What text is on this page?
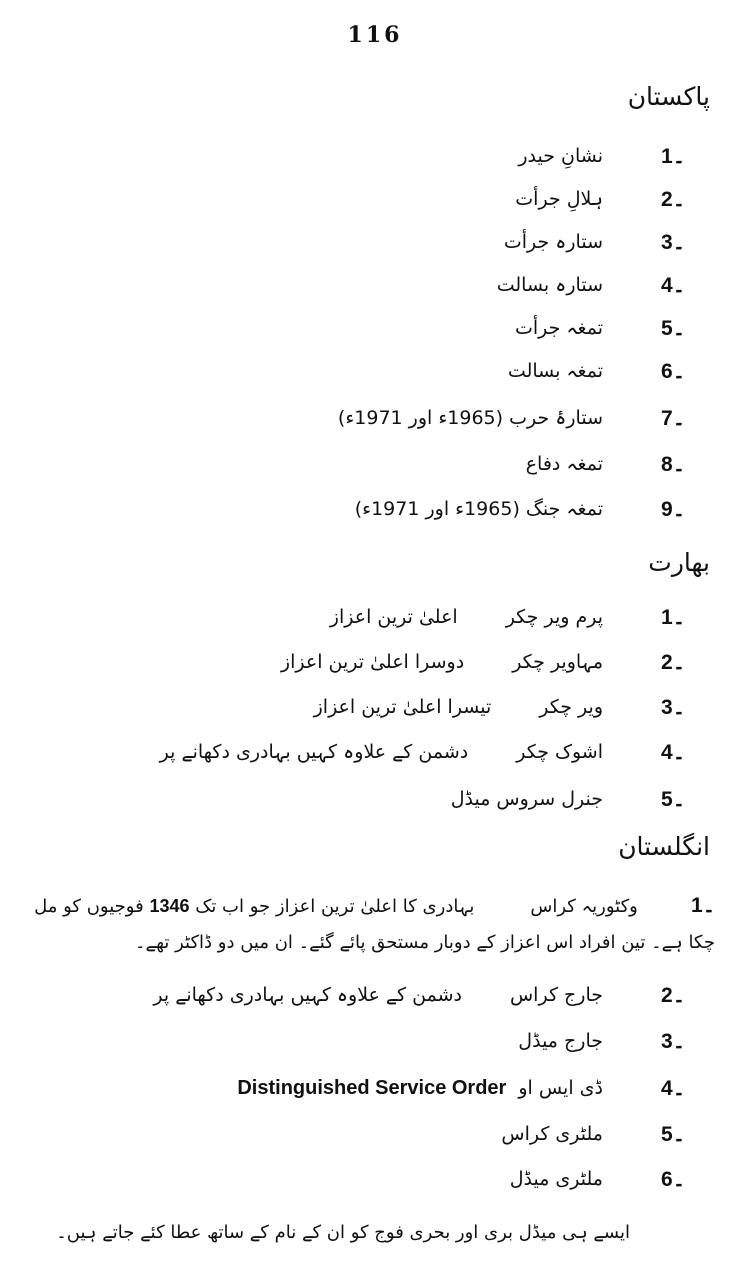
116
پاکستان
1۔
نشانِ حیدر
2۔
ہلالِ جرأت
3۔
ستارہ جرأت
4۔
ستارہ بسالت
5۔
تمغہ جرأت
6۔
تمغہ بسالت
7۔
ستارۂ حرب (1965ء اور 1971ء)
8۔
تمغہ دفاع
9۔
تمغہ جنگ (1965ء اور 1971ء)
بھارت
1۔
پرم ویر چکراعلیٰ ترین اعزاز
2۔
مہاویر چکردوسرا اعلیٰ ترین اعزاز
3۔
ویر چکرتیسرا اعلیٰ ترین اعزاز
4۔
اشوک چکردشمن کے علاوہ کہیں بہادری دکھانے پر
5۔
جنرل سروس میڈل
انگلستان
1۔   وکٹوریہ کراسبہادری کا اعلیٰ ترین اعزاز جو اب تک 1346 فوجیوں کو مل چکا ہے۔ تین افراد اس اعزاز کے دوبار مستحق پائے گئے۔ ان میں دو ڈاکٹر تھے۔
2۔
جارج کراسدشمن کے علاوہ کہیں بہادری دکھانے پر
3۔
جارج میڈل
4۔
ڈی ایس او
Distinguished Service Order
5۔
ملٹری کراس
6۔
ملٹری میڈل
ایسے ہی میڈل بری اور بحری فوج کو ان کے نام کے ساتھ عطا کئے جاتے ہیں۔
